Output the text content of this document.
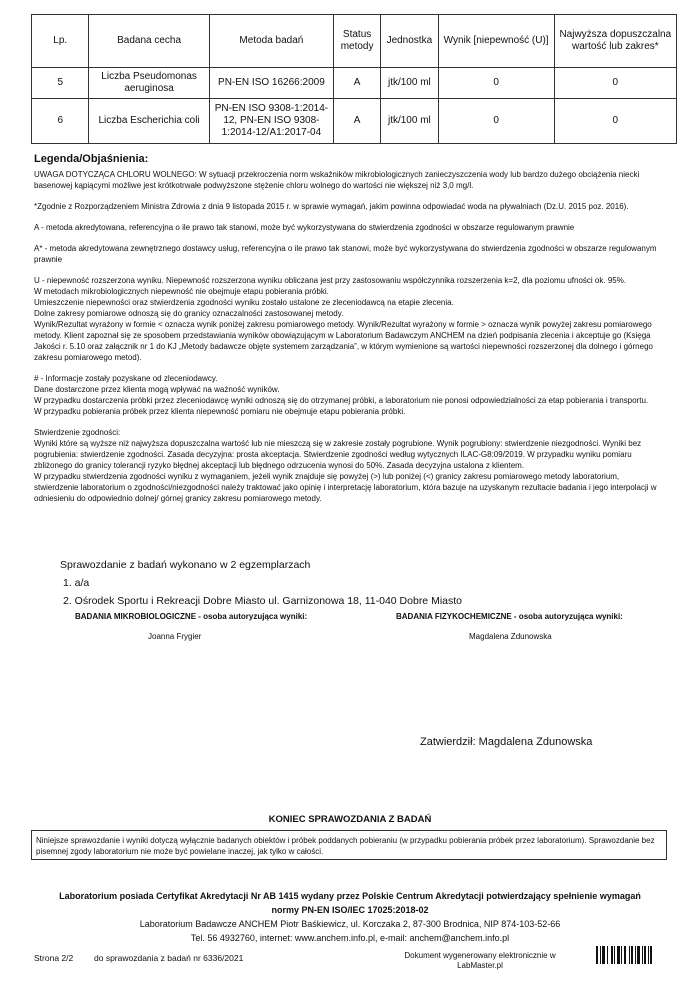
Lp.	Badana cecha	Metoda badań	Status metody	Jednostka	Wynik [niepewność (U)]	Najwyższa dopuszczalna wartość lub zakres*
5	Liczba Pseudomonas aeruginosa	PN-EN ISO 16266:2009	A	jtk/100 ml	0	0
6	Liczba Escherichia coli	PN-EN ISO 9308-1:2014-12, PN-EN ISO 9308-1:2014-12/A1:2017-04	A	jtk/100 ml	0	0
Legenda/Objaśnienia:

UWAGA DOTYCZĄCA CHLORU WOLNEGO: W sytuacji przekroczenia norm wskaźników mikrobiologicznych zanieczyszczenia wody lub bardzo dużego obciążenia niecki basenowej kąpiącymi możliwe jest krótkotrwałe podwyższone stężenie chloru wolnego do wartości nie większej niż 3,0 mg/l.

*Zgodnie z Rozporządzeniem Ministra Zdrowia z dnia 9 listopada 2015 r. w sprawie wymagań, jakim powinna odpowiadać woda na pływalniach (Dz.U. 2015 poz. 2016).

A - metoda akredytowana, referencyjna o ile prawo tak stanowi, może być wykorzystywana do stwierdzenia zgodności w obszarze regulowanym prawnie

A* - metoda akredytowana zewnętrznego dostawcy usług, referencyjna o ile prawo tak stanowi, może być wykorzystywana do stwierdzenia zgodności w obszarze regulowanym prawnie

U - niepewność rozszerzona wyniku. Niepewność rozszerzona wyniku obliczana jest przy zastosowaniu współczynnika rozszerzenia k=2, dla poziomu ufności ok. 95%.

W metodach mikrobiologicznych niepewność nie obejmuje etapu pobierania próbki.

Umieszczenie niepewności oraz stwierdzenia zgodności wyniku zostało ustalone ze zleceniodawcą na etapie zlecenia.

Dolne zakresy pomiarowe odnoszą się do granicy oznaczalności zastosowanej metody.

Wynik/Rezultat wyrażony w formie < oznacza wynik poniżej zakresu pomiarowego metody. Wynik/Rezultat wyrażony w formie > oznacza wynik powyżej zakresu pomiarowego metody. Klient zapoznał się ze sposobem przedstawiania wyników obowiązującym w Laboratorium Badawczym ANCHEM na dzień podpisania zlecenia i akceptuje go (Księga Jakości r. 5.10 oraz załącznik nr 1 do KJ „Metody badawcze objęte systemem zarządzania”, w którym wymienione są wartości niepewności rozszerzonej dla dolnego i górnego zakresu pomiarowego metod).

# - Informacje zostały pozyskane od zleceniodawcy.

Dane dostarczone przez klienta mogą wpływać na ważność wyników.

W przypadku dostarczenia próbki przez zleceniodawcę wyniki odnoszą się do otrzymanej próbki, a laboratorium nie ponosi odpowiedzialności za etap pobierania i transportu.

W przypadku pobierania próbek przez klienta niepewność pomiaru nie obejmuje etapu pobierania próbki.

Stwierdzenie zgodności:

Wyniki które są wyższe niż najwyższa dopuszczalna wartość lub nie mieszczą się w zakresie zostały pogrubione. Wynik pogrubiony: stwierdzenie niezgodności. Wyniki bez pogrubienia: stwierdzenie zgodności. Zasada decyzyjna: prosta akceptacja. Stwierdzenie zgodności według wytycznych ILAC-G8:09/2019. W przypadku wyniku pomiaru zbliżonego do granicy tolerancji ryzyko błędnej akceptacji lub błędnego odrzucenia wynosi do 50%. Zasada decyzyjna ustalona z klientem.

W przypadku stwierdzenia zgodności wyniku z wymaganiem, jeżeli wynik znajduje się powyżej (>) lub poniżej (<) granicy zakresu pomiarowego metody laboratorium, stwierdzenie laboratorium o zgodności/niezgodności należy traktować jako opinię i interpretację laboratorium, która bazuje na uzyskanym rezultacie badania i jego interpolacji w odniesieniu do odpowiednio dolnej/ górnej granicy zakresu pomiarowego metody.

Sprawozdanie z badań wykonano w 2 egzemplarzach
1. a/a
2. Ośrodek Sportu i Rekreacji Dobre Miasto ul. Garnizonowa 18, 11-040 Dobre Miasto
BADANIA MIKROBIOLOGICZNE - osoba autoryzująca wyniki:
Joanna Frygier
BADANIA FIZYKOCHEMICZNE - osoba autoryzująca wyniki:
Magdalena Zdunowska
Zatwierdził: Magdalena Zdunowska
KONIEC SPRAWOZDANIA Z BADAŃ
Niniejsze sprawozdanie i wyniki dotyczą wyłącznie badanych obiektów i próbek poddanych pobieraniu (w przypadku pobierania próbek przez laboratorium). Sprawozdanie bez pisemnej zgody laboratorium nie może być powielane inaczej, jak tylko w całości.
Laboratorium posiada Certyfikat Akredytacji Nr AB 1415 wydany przez Polskie Centrum Akredytacji potwierdzający spełnienie wymagań
normy PN-EN ISO/IEC 17025:2018-02
Laboratorium Badawcze ANCHEM Piotr Baśkiewicz, ul. Korczaka 2, 87-300 Brodnica, NIP 874-103-52-66
Tel. 56 4932760, internet: www.anchem.info.pl, e-mail: anchem@anchem.info.pl
Strona 2/2 do sprawozdania z badań nr 6336/2021	Dokument wygenerowany elektronicznie w
LabMaster.pl
